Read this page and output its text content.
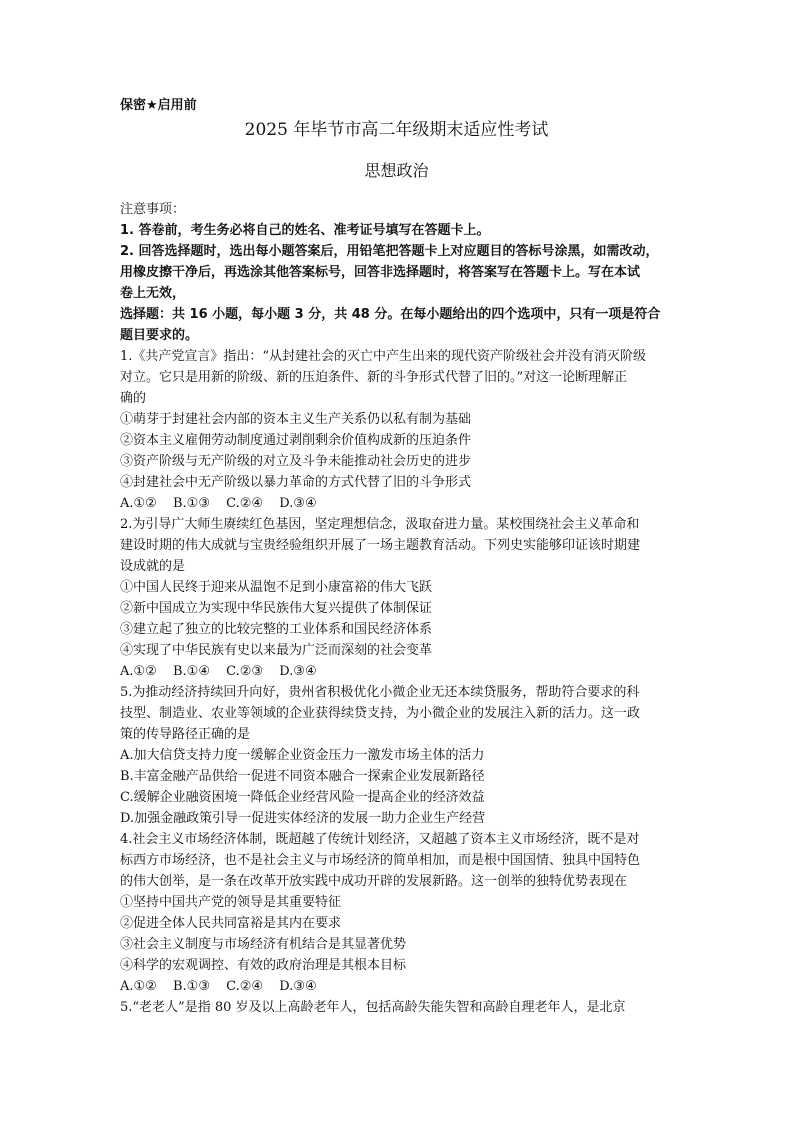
保密★启用前
2025 年毕节市高二年级期末适应性考试
思想政治
注意事项：
1. 答卷前，考生务必将自己的姓名、准考证号填写在答题卡上。
2. 回答选择题时，选出每小题答案后，用铅笔把答题卡上对应题目的答标号涂黑，如需改动，
用橡皮擦干净后，再选涂其他答案标号，回答非选择题时，将答案写在答题卡上。写在本试
卷上无效，
选择题：共 16 小题，每小题 3 分，共 48 分。在每小题给出的四个选项中，只有一项是符合
题目要求的。
1.《共产党宣言》指出：“从封建社会的灭亡中产生出来的现代资产阶级社会并没有消灭阶级
对立。它只是用新的阶级、新的压迫条件、新的斗争形式代替了旧的。”对这一论断理解正
确的
①萌芽于封建社会内部的资本主义生产关系仍以私有制为基础
②资本主义雇佣劳动制度通过剥削剩余价值构成新的压迫条件
③资产阶级与无产阶级的对立及斗争未能推动社会历史的进步
④封建社会中无产阶级以暴力革命的方式代替了旧的斗争形式
A.①② B.①③ C.②④ D.③④
2.为引导广大师生赓续红色基因，坚定理想信念，汲取奋进力量。某校围绕社会主义革命和
建设时期的伟大成就与宝贵经验组织开展了一场主题教育活动。下列史实能够印证该时期建
设成就的是
①中国人民终于迎来从温饱不足到小康富裕的伟大飞跃
②新中国成立为实现中华民族伟大复兴提供了体制保证
③建立起了独立的比较完整的工业体系和国民经济体系
④实现了中华民族有史以来最为广泛而深刻的社会变革
A.①② B.①④ C.②③ D.③④
5.为推动经济持续回升向好，贵州省积极优化小微企业无还本续贷服务，帮助符合要求的科
技型、制造业、农业等领域的企业获得续贷支持，为小微企业的发展注入新的活力。这一政
策的传导路径正确的是
A.加大信贷支持力度一缓解企业资金压力一激发市场主体的活力
B.丰富金融产品供给一促进不同资本融合一探索企业发展新路径
C.缓解企业融资困境一降低企业经营风险一提高企业的经济效益
D.加强金融政策引导一促进实体经济的发展一助力企业生产经营
4.社会主义市场经济体制，既超越了传统计划经济，又超越了资本主义市场经济，既不是对
标西方市场经济，也不是社会主义与市场经济的简单相加，而是根中国国情、独具中国特色
的伟大创举，是一条在改革开放实践中成功开辟的发展新路。这一创举的独特优势表现在
①坚持中国共产党的领导是其重要特征
②促进全体人民共同富裕是其内在要求
③社会主义制度与市场经济有机结合是其显著优势
④科学的宏观调控、有效的政府治理是其根本目标
A.①② B.①③ C.②④ D.③④
5.“老老人”是指 80 岁及以上高龄老年人，包括高龄失能失智和高龄自理老年人，是北京
